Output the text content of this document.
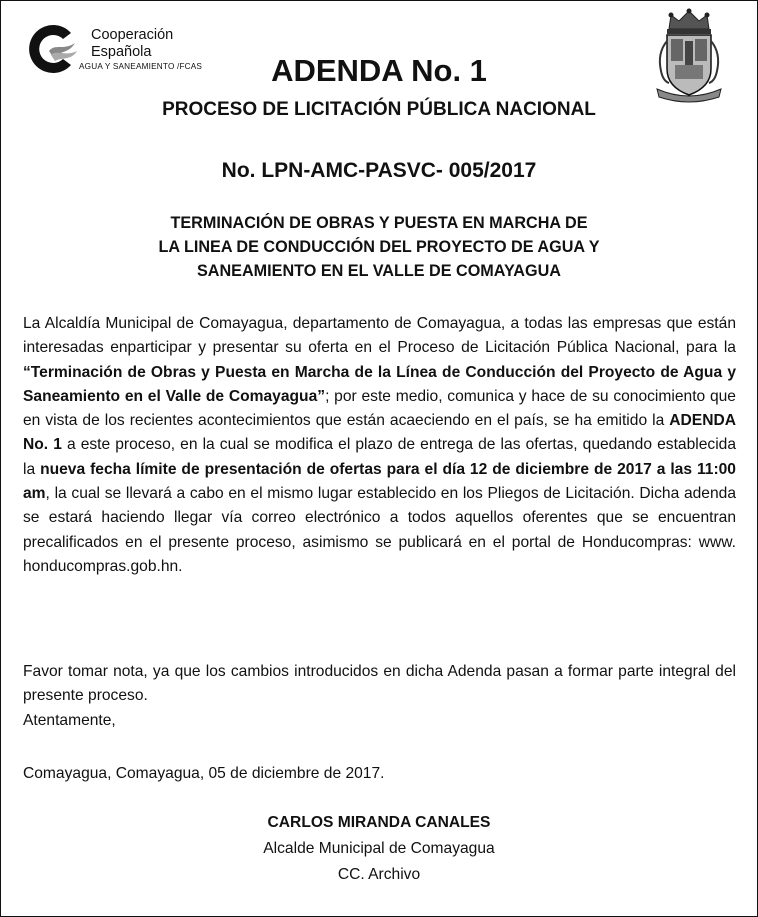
Cooperación
Española
AGUA Y SANEAMIENTO /FCAS	ADENDA No. 1
PROCESO DE LICITACIÓN PÚBLICA NACIONAL
No. LPN-AMC-PASVC- 005/2017
TERMINACIÓN DE OBRAS Y PUESTA EN MARCHA DE
LA LINEA DE CONDUCCIÓN DEL PROYECTO DE AGUA Y
SANEAMIENTO EN EL VALLE DE COMAYAGUA

La Alcaldía Municipal de Comayagua, departamento de Comayagua, a todas las empresas que están interesadas enparticipar y presentar su oferta en el Proceso de Licitación Pública Nacional, para la “Terminación de Obras y Puesta en Marcha de la Línea de Conducción del Proyecto de Agua y Saneamiento en el Valle de Comayagua”; por este medio, comunica y hace de su conocimiento que en vista de los recientes acontecimientos que están acaeciendo en el país, se ha emitido la ADENDA No. 1 a este proceso, en la cual se modifica el plazo de entrega de las ofertas, quedando establecida la nueva fecha límite de presentación de ofertas para el día 12 de diciembre de 2017 a las 11:00 am, la cual se llevará a cabo en el mismo lugar establecido en los Pliegos de Licitación. Dicha adenda se estará haciendo llegar vía correo electrónico a todos aquellos oferentes que se encuentran precalificados en el presente proceso, asimismo se publicará en el portal de Honducompras: www. honducompras.gob.hn.

Favor tomar nota, ya que los cambios introducidos en dicha Adenda pasan a formar parte integral del presente proceso.
Atentamente,
Comayagua, Comayagua, 05 de diciembre de 2017.
CARLOS MIRANDA CANALES
Alcalde Municipal de Comayagua
CC. Archivo
